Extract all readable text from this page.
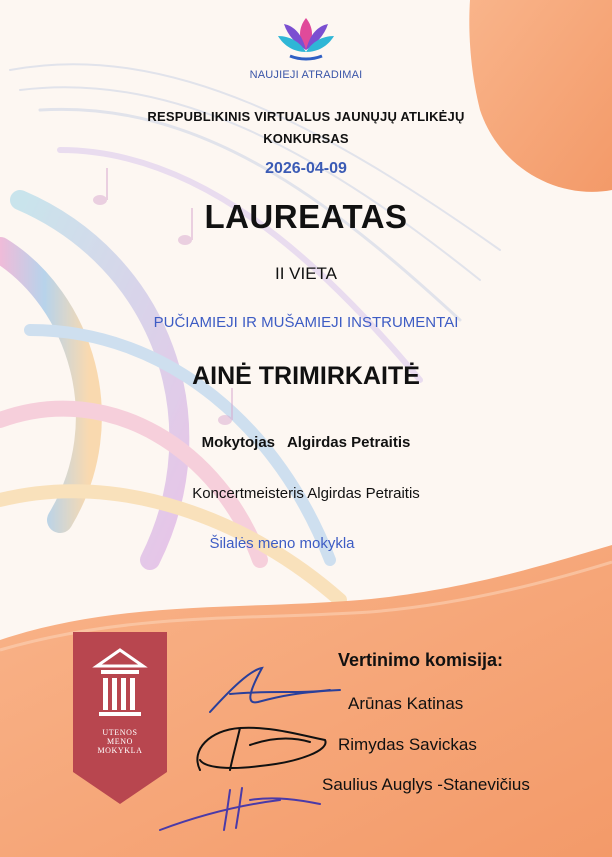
NAUJIEJI ATRADIMAI
RESPUBLIKINIS VIRTUALUS JAUNŲJŲ ATLIKĖJŲ
KONKURSAS
2026-04-09
LAUREATAS
II VIETA
PUČIAMIEJI IR MUŠAMIEJI INSTRUMENTAI
AINĖ TRIMIRKAITĖ
Mokytojas   Algirdas Petraitis
Koncertmeisteris Algirdas Petraitis
Šilalės meno mokykla
UTENOS
MENO
MOKYKLA
Vertinimo komisija:
Arūnas Katinas
Rimydas Savickas
Saulius Auglys -Stanevičius
